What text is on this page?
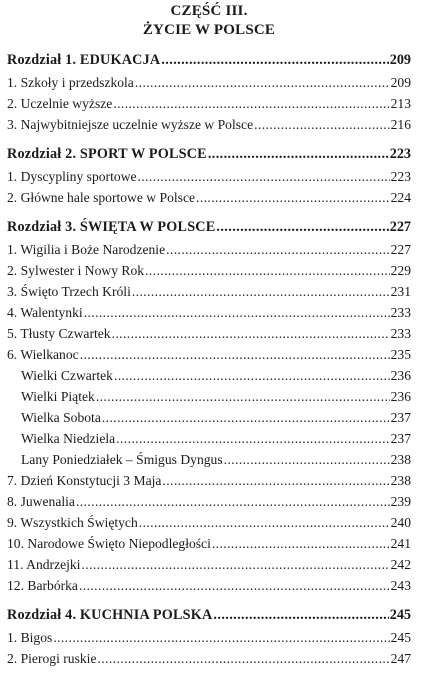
CZĘŚĆ III.
ŻYCIE W POLSCE
Rozdział 1. EDUKACJA .....	209
1. Szkoły i przedszkola .....	209
2. Uczelnie wyższe .....	213
3. Najwybitniejsze uczelnie wyższe w Polsce .....	216
Rozdział 2. SPORT W POLSCE .....	223
1. Dyscypliny sportowe .....	223
2. Główne hale sportowe w Polsce .....	224
Rozdział 3. ŚWIĘTA W POLSCE .....	227
1. Wigilia i Boże Narodzenie .....	227
2. Sylwester i Nowy Rok .....	229
3. Święto Trzech Króli .....	231
4. Walentynki .....	233
5. Tłusty Czwartek .....	233
6. Wielkanoc .....	235
Wielki Czwartek .....	236
Wielki Piątek .....	236
Wielka Sobota .....	237
Wielka Niedziela .....	237
Lany Poniedziałek – Śmigus Dyngus .....	238
7. Dzień Konstytucji 3 Maja .....	238
8. Juwenalia .....	239
9. Wszystkich Świętych .....	240
10. Narodowe Święto Niepodległości .....	241
11. Andrzejki .....	242
12. Barbórka .....	243
Rozdział 4. KUCHNIA POLSKA .....	245
1. Bigos .....	245
2. Pierogi ruskie .....	247
